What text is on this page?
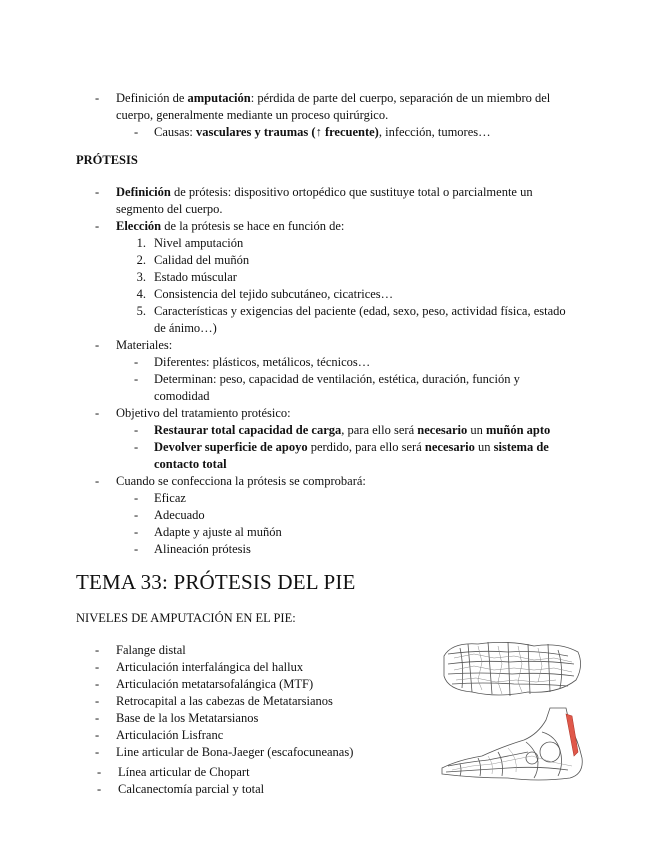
- Definición de amputación: pérdida de parte del cuerpo, separación de un miembro del
cuerpo, generalmente mediante un proceso quirúrgico.
- Causas: vasculares y traumas (↑ frecuente), infección, tumores…
PRÓTESIS
- Definición de prótesis: dispositivo ortopédico que sustituye total o parcialmente un
segmento del cuerpo.
- Elección de la prótesis se hace en función de:
1. Nivel amputación
2. Calidad del muñón
3. Estado múscular
4. Consistencia del tejido subcutáneo, cicatrices…
5. Características y exigencias del paciente (edad, sexo, peso, actividad física, estado
de ánimo…)
- Materiales:
- Diferentes: plásticos, metálicos, técnicos…
- Determinan: peso, capacidad de ventilación, estética, duración, función y
comodidad
- Objetivo del tratamiento protésico:
- Restaurar total capacidad de carga, para ello será necesario un muñón apto
- Devolver superficie de apoyo perdido, para ello será necesario un sistema de
contacto total
- Cuando se confecciona la prótesis se comprobará:
- Eficaz
- Adecuado
- Adapte y ajuste al muñón
- Alineación prótesis
TEMA 33: PRÓTESIS DEL PIE
NIVELES DE AMPUTACIÓN EN EL PIE:
- Falange distal
- Articulación interfalángica del hallux
- Articulación metatarsofalángica (MTF)
- Retrocapital a las cabezas de Metatarsianos
- Base de la los Metatarsianos
- Articulación Lisfranc
- Line articular de Bona-Jaeger (escafocuneanas)
- Línea articular de Chopart
- Calcanectomía parcial y total
